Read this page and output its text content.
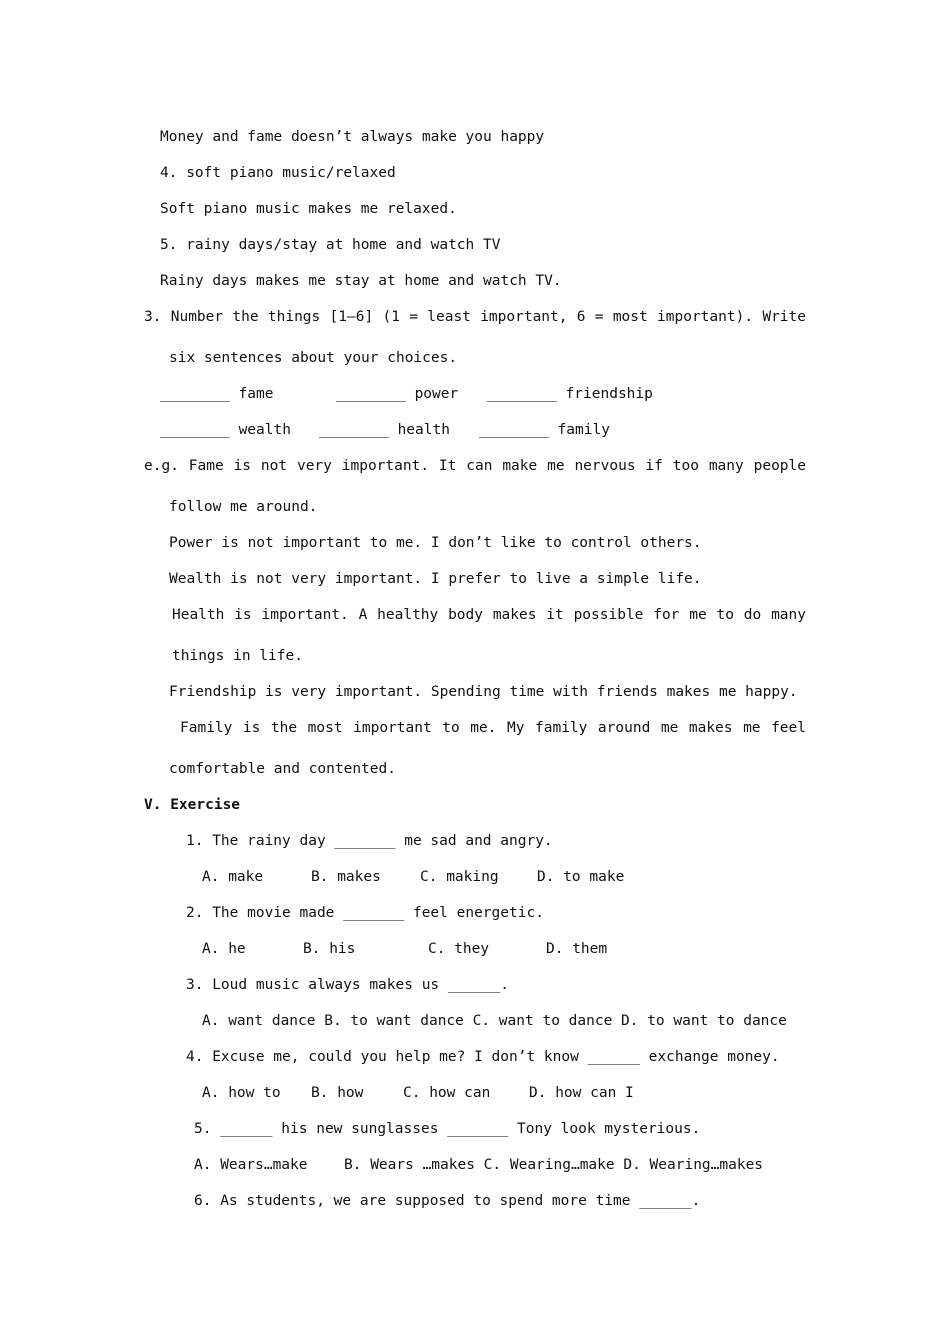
Money and fame doesn’t always make you happy

4. soft piano music/relaxed

Soft piano music makes me relaxed.

5. rainy days/stay at home and watch TV

Rainy days makes me stay at home and watch TV.

3. Number the things [1–6] (1 = least important, 6 = most important). Write

six sentences about your choices.

________ fame

	________ power

________ friendship

________ wealth

________ health

________ family

e.g. Fame is not very important. It can make me nervous if too many people

follow me around.

Power is not important to me. I don’t like to control others.

Wealth is not very important. I prefer to live a simple life.

Health is important. A healthy body makes it possible for me to do many

things in life.

Friendship is very important. Spending time with friends makes me happy.

Family is the most important to me. My family around me makes me feel

comfortable and contented.

V. Exercise

1. The rainy day _______ me sad and angry.

A. make

	B. makes

	C. making

	D. to make

2. The movie made _______ feel energetic.

A. he

	B. his

	C. they

	D. them

3. Loud music always makes us ______.

A. want dance B. to want dance C. want to dance

D. to want to dance

4. Excuse me, could you help me? I don’t know ______ exchange money.

A. how to

B. how

	C. how can

	D. how can I

5. ______ his new sunglasses _______ Tony look mysterious.

A. Wears…make

	B. Wears …makes C. Wearing…make D. Wearing…makes

6. As students, we are supposed to spend more time ______.
